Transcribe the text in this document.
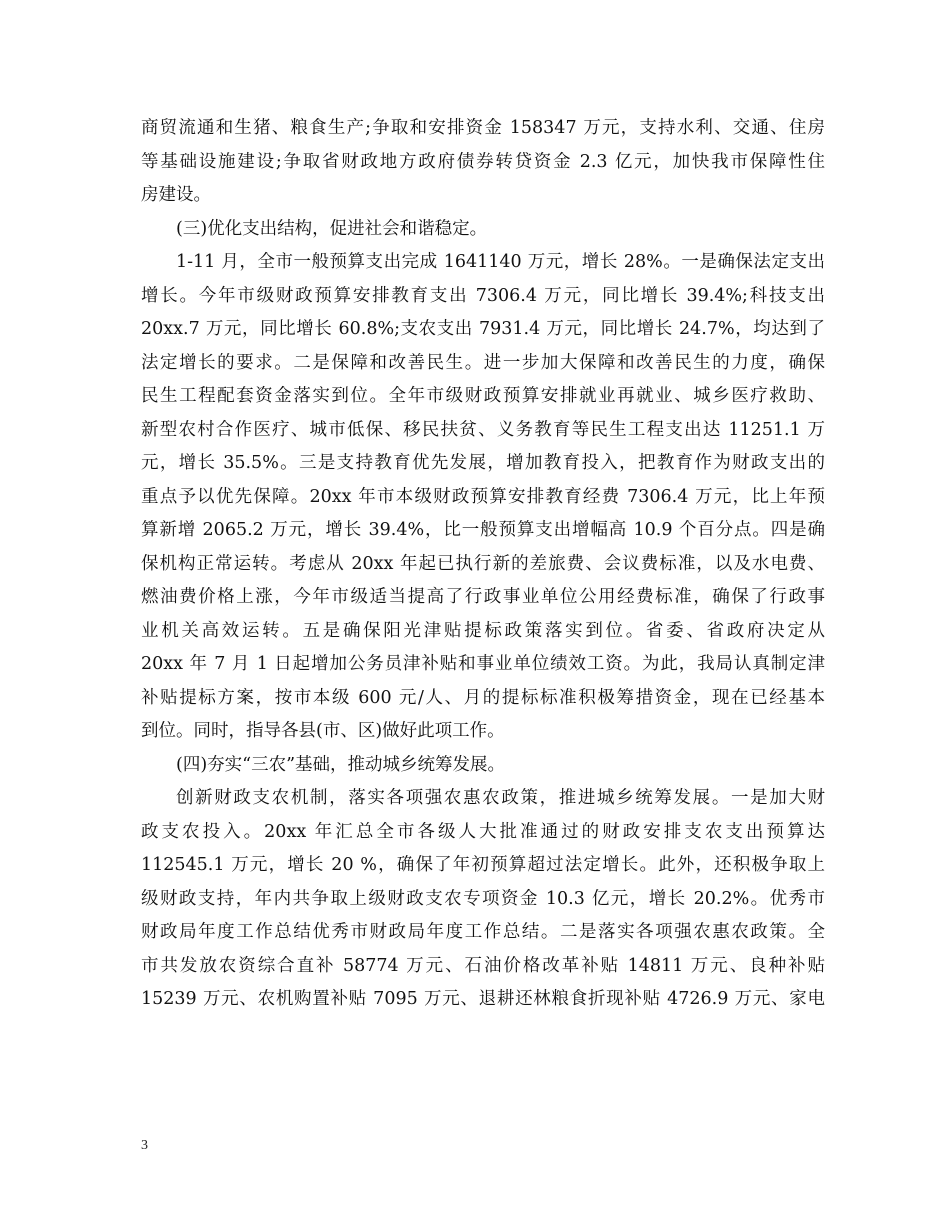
商贸流通和生猪、粮食生产;争取和安排资金 158347 万元，支持水利、交通、住房
等基础设施建设;争取省财政地方政府债券转贷资金 2.3 亿元，加快我市保障性住
房建设。
(三)优化支出结构，促进社会和谐稳定。
1-11 月，全市一般预算支出完成 1641140 万元，增长 28%。一是确保法定支出
增长。今年市级财政预算安排教育支出 7306.4 万元，同比增长 39.4%;科技支出
20xx.7 万元，同比增长 60.8%;支农支出 7931.4 万元，同比增长 24.7%，均达到了
法定增长的要求。二是保障和改善民生。进一步加大保障和改善民生的力度，确保
民生工程配套资金落实到位。全年市级财政预算安排就业再就业、城乡医疗救助、
新型农村合作医疗、城市低保、移民扶贫、义务教育等民生工程支出达 11251.1 万
元，增长 35.5%。三是支持教育优先发展，增加教育投入，把教育作为财政支出的
重点予以优先保障。20xx 年市本级财政预算安排教育经费 7306.4 万元，比上年预
算新增 2065.2 万元，增长 39.4%，比一般预算支出增幅高 10.9 个百分点。四是确
保机构正常运转。考虑从 20xx 年起已执行新的差旅费、会议费标准，以及水电费、
燃油费价格上涨，今年市级适当提高了行政事业单位公用经费标准，确保了行政事
业机关高效运转。五是确保阳光津贴提标政策落实到位。省委、省政府决定从
20xx 年 7 月 1 日起增加公务员津补贴和事业单位绩效工资。为此，我局认真制定津
补贴提标方案，按市本级 600 元/人、月的提标标准积极筹措资金，现在已经基本
到位。同时，指导各县(市、区)做好此项工作。
(四)夯实“三农”基础，推动城乡统筹发展。
创新财政支农机制，落实各项强农惠农政策，推进城乡统筹发展。一是加大财
政支农投入。20xx 年汇总全市各级人大批准通过的财政安排支农支出预算达
112545.1 万元，增长 20 %，确保了年初预算超过法定增长。此外，还积极争取上
级财政支持，年内共争取上级财政支农专项资金 10.3 亿元，增长 20.2%。优秀市
财政局年度工作总结优秀市财政局年度工作总结。二是落实各项强农惠农政策。全
市共发放农资综合直补 58774 万元、石油价格改革补贴 14811 万元、良种补贴
15239 万元、农机购置补贴 7095 万元、退耕还林粮食折现补贴 4726.9 万元、家电
3
